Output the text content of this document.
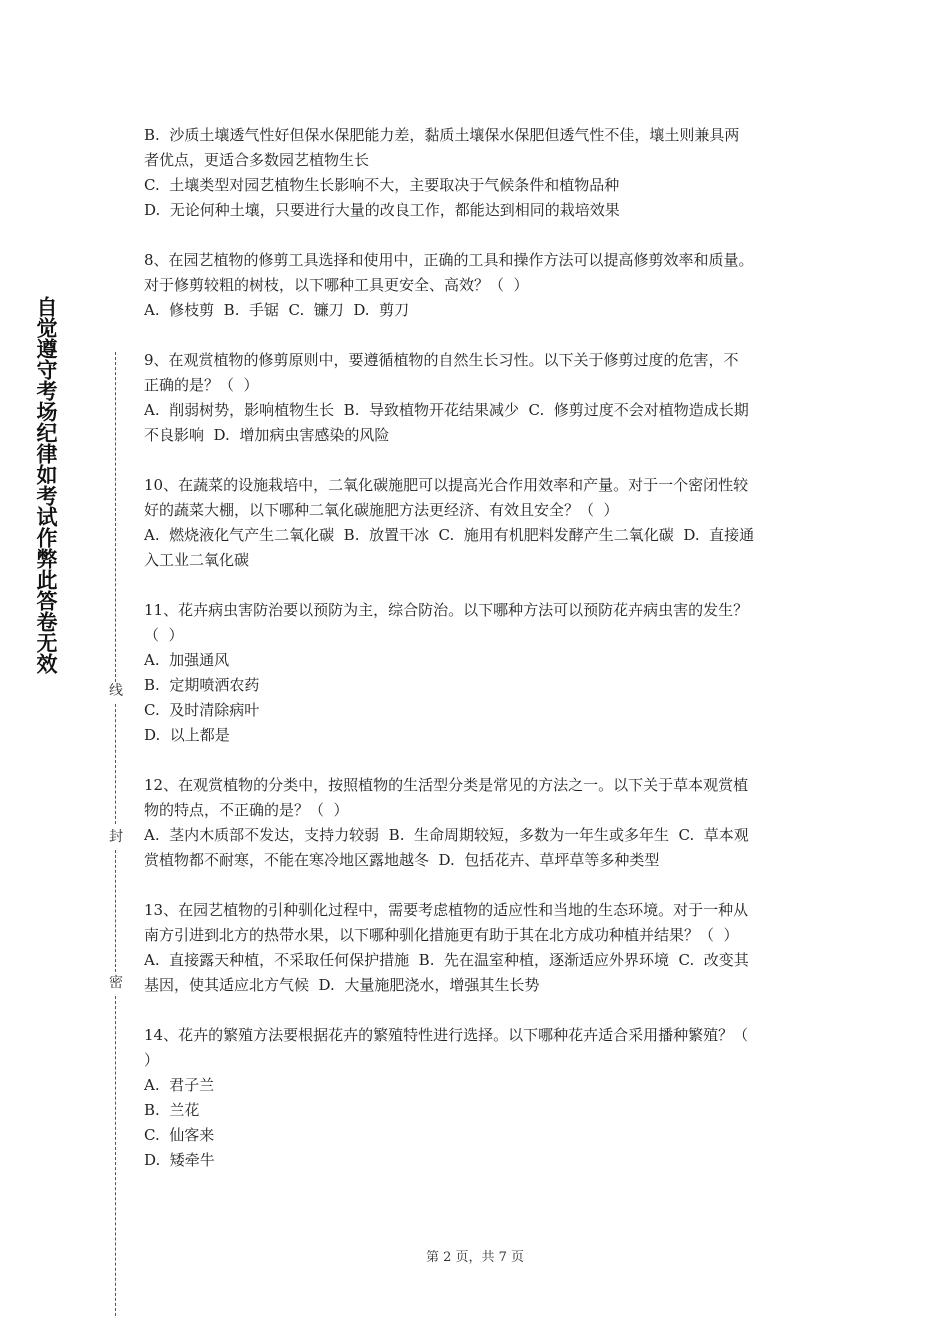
自觉遵守考场纪律如考试作弊此答卷无效
线
封
密
B.  沙质土壤透气性好但保水保肥能力差，黏质土壤保水保肥但透气性不佳，壤土则兼具两
者优点，更适合多数园艺植物生长
C.  土壤类型对园艺植物生长影响不大，主要取决于气候条件和植物品种
D.  无论何种土壤，只要进行大量的改良工作，都能达到相同的栽培效果
8、在园艺植物的修剪工具选择和使用中，正确的工具和操作方法可以提高修剪效率和质量。
对于修剪较粗的树枝，以下哪种工具更安全、高效？（  ）
A.  修枝剪  B.  手锯  C.  镰刀  D.  剪刀
9、在观赏植物的修剪原则中，要遵循植物的自然生长习性。以下关于修剪过度的危害，不
正确的是？（  ）
A.  削弱树势，影响植物生长  B.  导致植物开花结果减少  C.  修剪过度不会对植物造成长期
不良影响  D.  增加病虫害感染的风险
10、在蔬菜的设施栽培中，二氧化碳施肥可以提高光合作用效率和产量。对于一个密闭性较
好的蔬菜大棚，以下哪种二氧化碳施肥方法更经济、有效且安全？（  ）
A.  燃烧液化气产生二氧化碳  B.  放置干冰  C.  施用有机肥料发酵产生二氧化碳  D.  直接通
入工业二氧化碳
11、花卉病虫害防治要以预防为主，综合防治。以下哪种方法可以预防花卉病虫害的发生？
（  ）
A.  加强通风
B.  定期喷洒农药
C.  及时清除病叶
D.  以上都是
12、在观赏植物的分类中，按照植物的生活型分类是常见的方法之一。以下关于草本观赏植
物的特点，不正确的是？（  ）
A.  茎内木质部不发达，支持力较弱  B.  生命周期较短，多数为一年生或多年生  C.  草本观
赏植物都不耐寒，不能在寒冷地区露地越冬  D.  包括花卉、草坪草等多种类型
13、在园艺植物的引种驯化过程中，需要考虑植物的适应性和当地的生态环境。对于一种从
南方引进到北方的热带水果，以下哪种驯化措施更有助于其在北方成功种植并结果？（  ）
A.  直接露天种植，不采取任何保护措施  B.  先在温室种植，逐渐适应外界环境  C.  改变其
基因，使其适应北方气候  D.  大量施肥浇水，增强其生长势
14、花卉的繁殖方法要根据花卉的繁殖特性进行选择。以下哪种花卉适合采用播种繁殖？（
）
A.  君子兰
B.  兰花
C.  仙客来
D.  矮牵牛
第 2 页，共 7 页
